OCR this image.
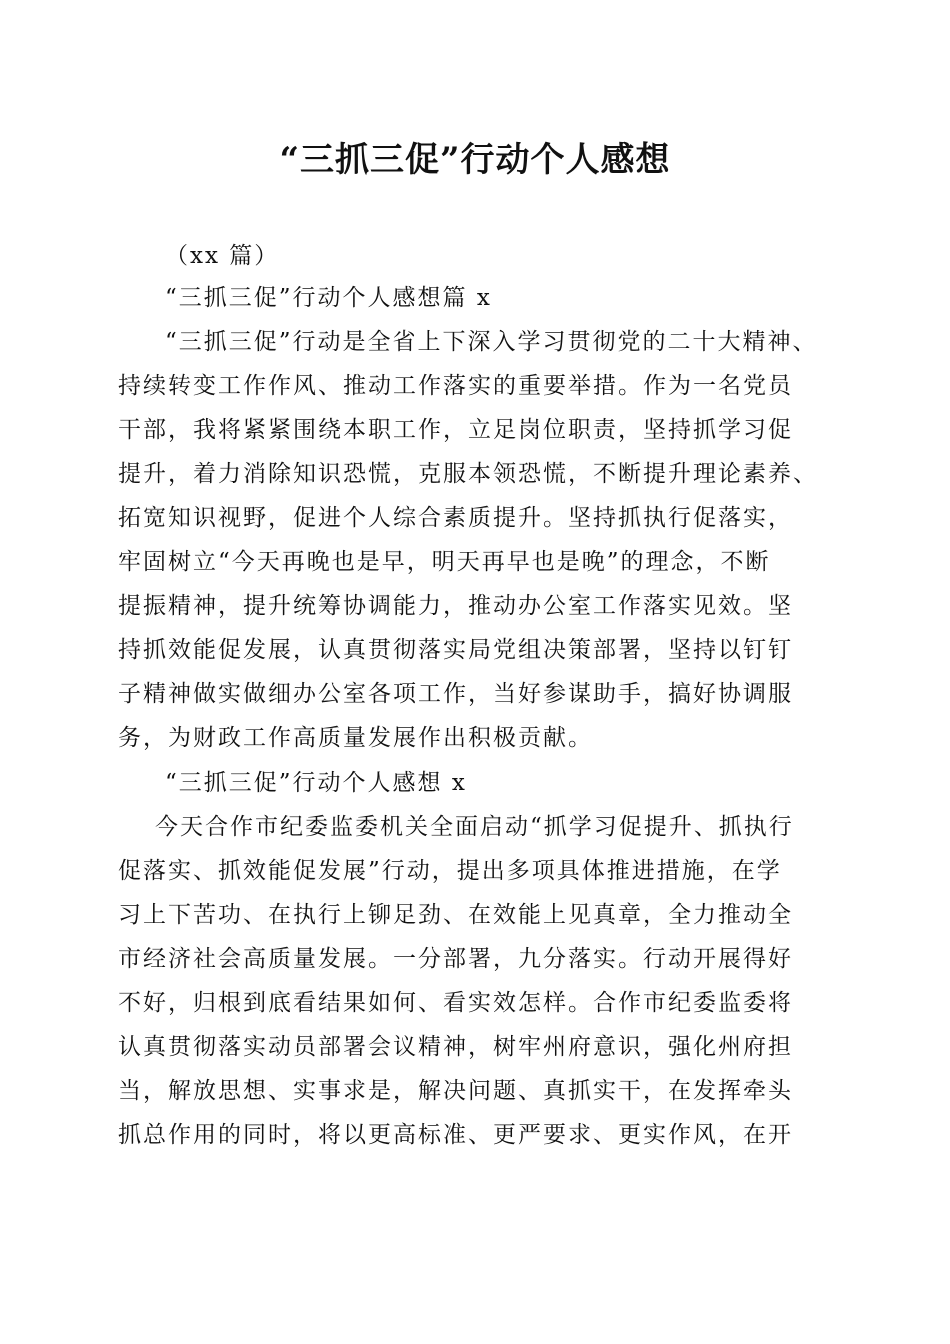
“三抓三促”行动个人感想
（xx 篇）
“三抓三促”行动个人感想篇 x
“三抓三促”行动是全省上下深入学习贯彻党的二十大精神、
持续转变工作作风、推动工作落实的重要举措。作为一名党员
干部，我将紧紧围绕本职工作，立足岗位职责，坚持抓学习促
提升，着力消除知识恐慌，克服本领恐慌，不断提升理论素养、
拓宽知识视野，促进个人综合素质提升。坚持抓执行促落实，
牢固树立“今天再晚也是早，明天再早也是晚”的理念，不断
提振精神，提升统筹协调能力，推动办公室工作落实见效。坚
持抓效能促发展，认真贯彻落实局党组决策部署，坚持以钉钉
子精神做实做细办公室各项工作，当好参谋助手，搞好协调服
务，为财政工作高质量发展作出积极贡献。
“三抓三促”行动个人感想 x
今天合作市纪委监委机关全面启动“抓学习促提升、抓执行
促落实、抓效能促发展”行动，提出多项具体推进措施，在学
习上下苦功、在执行上铆足劲、在效能上见真章，全力推动全
市经济社会高质量发展。一分部署，九分落实。行动开展得好
不好，归根到底看结果如何、看实效怎样。合作市纪委监委将
认真贯彻落实动员部署会议精神，树牢州府意识，强化州府担
当，解放思想、实事求是，解决问题、真抓实干，在发挥牵头
抓总作用的同时，将以更高标准、更严要求、更实作风，在开
